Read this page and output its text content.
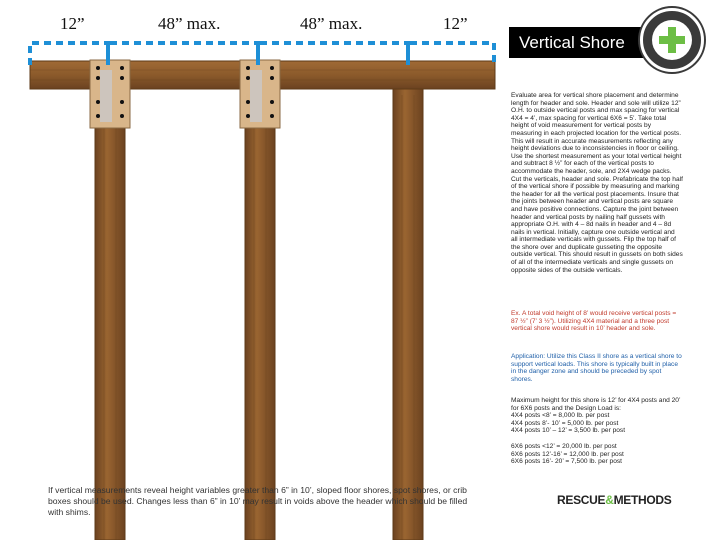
12”	48” max.	48” max.	12”
Vertical Shore

Evaluate area for vertical shore placement and determine length for header and sole. Header and sole will utilize 12” O.H. to outside vertical posts and max spacing for vertical 4X4 = 4’, max spacing for vertical 6X6 = 5’. Take total height of void measurement for vertical posts by measuring in each projected location for the vertical posts. This will result in accurate measurements reflecting any height deviations due to inconsistencies in floor or ceiling. Use the shortest measurement as your total vertical height and subtract 8 ½” for each of the vertical posts to accommodate the header, sole, and 2X4 wedge packs. Cut the verticals, header and sole. Prefabricate the top half of the vertical shore if possible by measuring and marking the header for all the vertical post placements. Insure that the joints between header and vertical posts are square and have positive connections. Capture the joint between header and vertical posts by nailing half gussets with appropriate O.H. with 4 – 8d nails in header and 4 – 8d nails in vertical. Initially, capture one outside vertical and all intermediate verticals with gussets. Flip the top half of the shore over and duplicate gusseting the opposite outside vertical. This should result in gussets on both sides of all of the intermediate verticals and single gussets on opposite sides of the outside verticals.

Ex. A total void height of 8’ would receive vertical posts = 87 ½” (7’ 3 ½”). Utilizing 4X4 material and a three post vertical shore would result in 10’ header and sole.

Application: Utilize this Class II shore as a vertical shore to support vertical loads. This shore is typically built in place in the danger zone and should be preceded by spot shores.

Maximum height for this shore is 12’ for 4X4 posts and 20’ for 6X6 posts and the Design Load is:
4X4 posts <8’ = 8,000 lb. per post
4X4 posts 8’- 10’ = 5,000 lb. per post
4X4 posts 10’ – 12’ = 3,500 lb. per post
6X6 posts <12’ = 20,000 lb. per post
6X6 posts 12’-16’ = 12,000 lb. per post
6X6 posts 16’- 20’ = 7,500 lb. per post

If vertical measurements reveal height variables greater than 6” in 10’, sloped floor shores, spot shores, or crib boxes should be used. Changes less than 6” in 10’ may result in voids above the header which should be filled with shims.

RESCUE&METHODS
